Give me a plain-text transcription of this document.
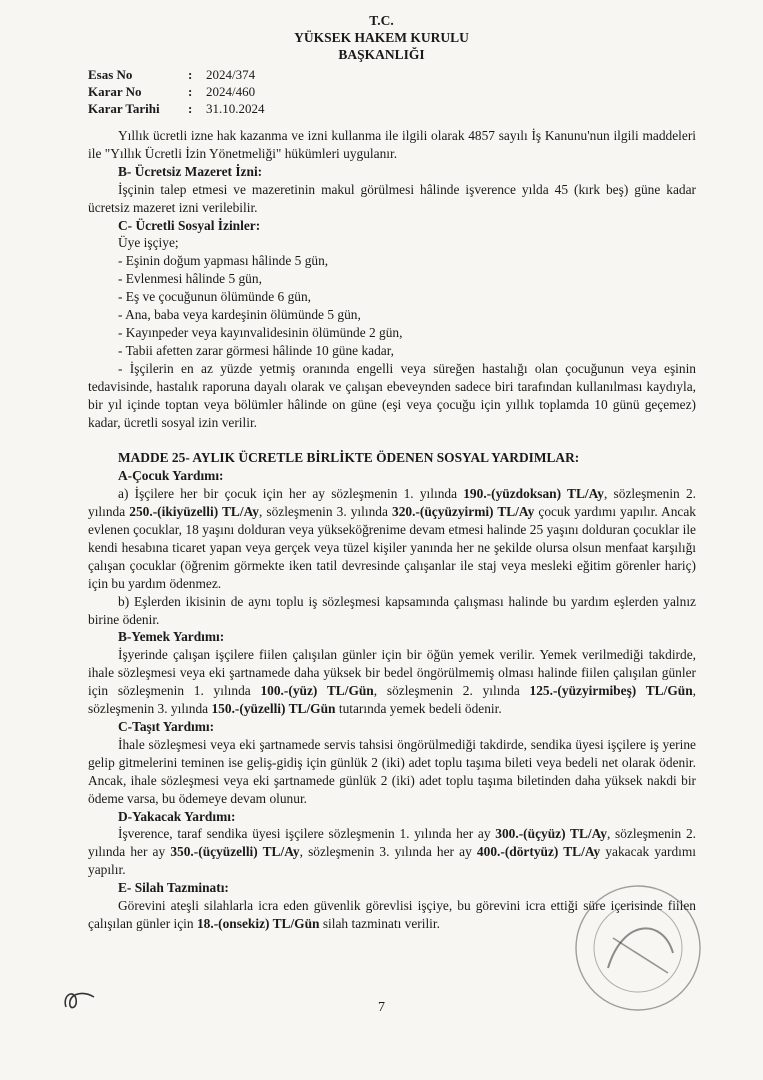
T.C.
YÜKSEK HAKEM KURULU
BAŞKANLIĞI
Esas No	:	2024/374
Karar No	:	2024/460
Karar Tarihi	:	31.10.2024

Yıllık ücretli izne hak kazanma ve izni kullanma ile ilgili olarak 4857 sayılı İş Kanunu'nun ilgili maddeleri ile "Yıllık Ücretli İzin Yönetmeliği" hükümleri uygulanır.

B- Ücretsiz Mazeret İzni:

İşçinin talep etmesi ve mazeretinin makul görülmesi hâlinde işverence yılda 45 (kırk beş) güne kadar ücretsiz mazeret izni verilebilir.

C- Ücretli Sosyal İzinler:

Üye işçiye;

- Eşinin doğum yapması hâlinde 5 gün,

- Evlenmesi hâlinde 5 gün,

- Eş ve çocuğunun ölümünde 6 gün,

- Ana, baba veya kardeşinin ölümünde 5 gün,

- Kayınpeder veya kayınvalidesinin ölümünde 2 gün,

- Tabii afetten zarar görmesi hâlinde 10 güne kadar,

- İşçilerin en az yüzde yetmiş oranında engelli veya süreğen hastalığı olan çocuğunun veya eşinin tedavisinde, hastalık raporuna dayalı olarak ve çalışan ebeveynden sadece biri tarafından kullanılması kaydıyla, bir yıl içinde toptan veya bölümler hâlinde on güne (eşi veya çocuğu için yıllık toplamda 10 günü geçemez) kadar, ücretli sosyal izin verilir.

MADDE 25- AYLIK ÜCRETLE BİRLİKTE ÖDENEN SOSYAL YARDIMLAR:

A-Çocuk Yardımı:

a) İşçilere her bir çocuk için her ay sözleşmenin 1. yılında 190.-(yüzdoksan) TL/Ay, sözleşmenin 2. yılında 250.-(ikiyüzelli) TL/Ay, sözleşmenin 3. yılında 320.-(üçyüzyirmi) TL/Ay çocuk yardımı yapılır. Ancak evlenen çocuklar, 18 yaşını dolduran veya yükseköğrenime devam etmesi halinde 25 yaşını dolduran çocuklar ile kendi hesabına ticaret yapan veya gerçek veya tüzel kişiler yanında her ne şekilde olursa olsun menfaat karşılığı çalışan çocuklar (öğrenim görmekte iken tatil devresinde çalışanlar ile staj veya mesleki eğitim görenler hariç) için bu yardım ödenmez.

b) Eşlerden ikisinin de aynı toplu iş sözleşmesi kapsamında çalışması halinde bu yardım eşlerden yalnız birine ödenir.

B-Yemek Yardımı:

İşyerinde çalışan işçilere fiilen çalışılan günler için bir öğün yemek verilir. Yemek verilmediği takdirde, ihale sözleşmesi veya eki şartnamede daha yüksek bir bedel öngörülmemiş olması halinde fiilen çalışılan günler için sözleşmenin 1. yılında 100.-(yüz) TL/Gün, sözleşmenin 2. yılında 125.-(yüzyirmibeş) TL/Gün, sözleşmenin 3. yılında 150.-(yüzelli) TL/Gün tutarında yemek bedeli ödenir.

C-Taşıt Yardımı:

İhale sözleşmesi veya eki şartnamede servis tahsisi öngörülmediği takdirde, sendika üyesi işçilere iş yerine gelip gitmelerini teminen ise geliş-gidiş için günlük 2 (iki) adet toplu taşıma bileti veya bedeli net olarak ödenir. Ancak, ihale sözleşmesi veya eki şartnamede günlük 2 (iki) adet toplu taşıma biletinden daha yüksek nakdi bir ödeme varsa, bu ödemeye devam olunur.

D-Yakacak Yardımı:

İşverence, taraf sendika üyesi işçilere sözleşmenin 1. yılında her ay 300.-(üçyüz) TL/Ay, sözleşmenin 2. yılında her ay 350.-(üçyüzelli) TL/Ay, sözleşmenin 3. yılında her ay 400.-(dörtyüz) TL/Ay yakacak yardımı yapılır.

E- Silah Tazminatı:

Görevini ateşli silahlarla icra eden güvenlik görevlisi işçiye, bu görevini icra ettiği süre içerisinde fiilen çalışılan günler için 18.-(onsekiz) TL/Gün silah tazminatı verilir.

7
